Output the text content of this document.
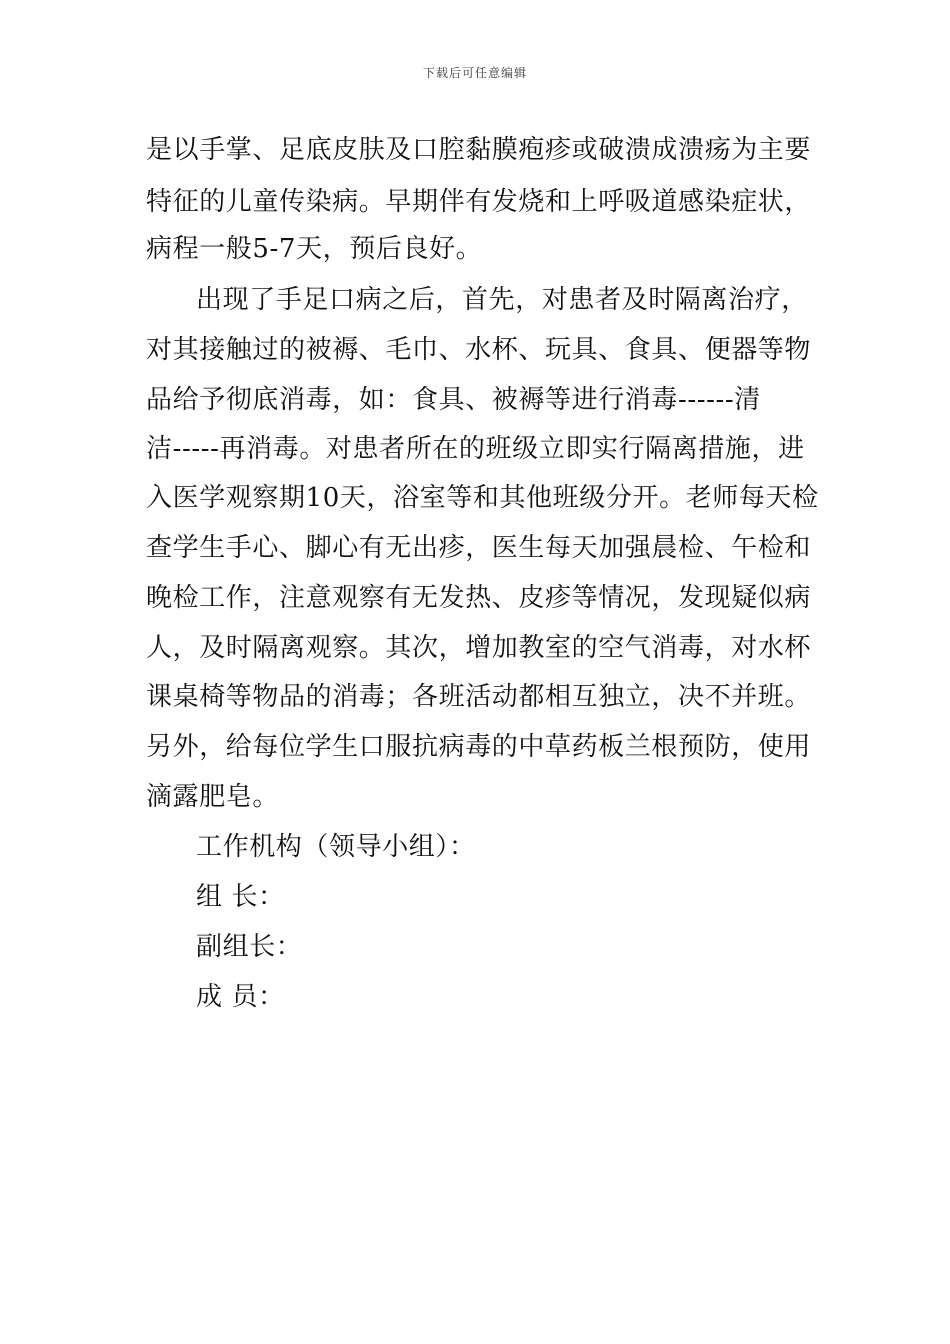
下载后可任意编辑
是以手掌、足底皮肤及口腔黏膜疱疹或破溃成溃疡为主要
特征的儿童传染病。早期伴有发烧和上呼吸道感染症状，
病程一般5-7天，预后良好。
出现了手足口病之后，首先，对患者及时隔离治疗，
对其接触过的被褥、毛巾、水杯、玩具、食具、便器等物
品给予彻底消毒，如：食具、被褥等进行消毒------清
洁-----再消毒。对患者所在的班级立即实行隔离措施，进
入医学观察期10天，浴室等和其他班级分开。老师每天检
查学生手心、脚心有无出疹，医生每天加强晨检、午检和
晚检工作，注意观察有无发热、皮疹等情况，发现疑似病
人，及时隔离观察。其次，增加教室的空气消毒，对水杯
课桌椅等物品的消毒；各班活动都相互独立，决不并班。
另外，给每位学生口服抗病毒的中草药板兰根预防，使用
滴露肥皂。
工作机构（领导小组）：
组 长：
副组长：
成 员：
